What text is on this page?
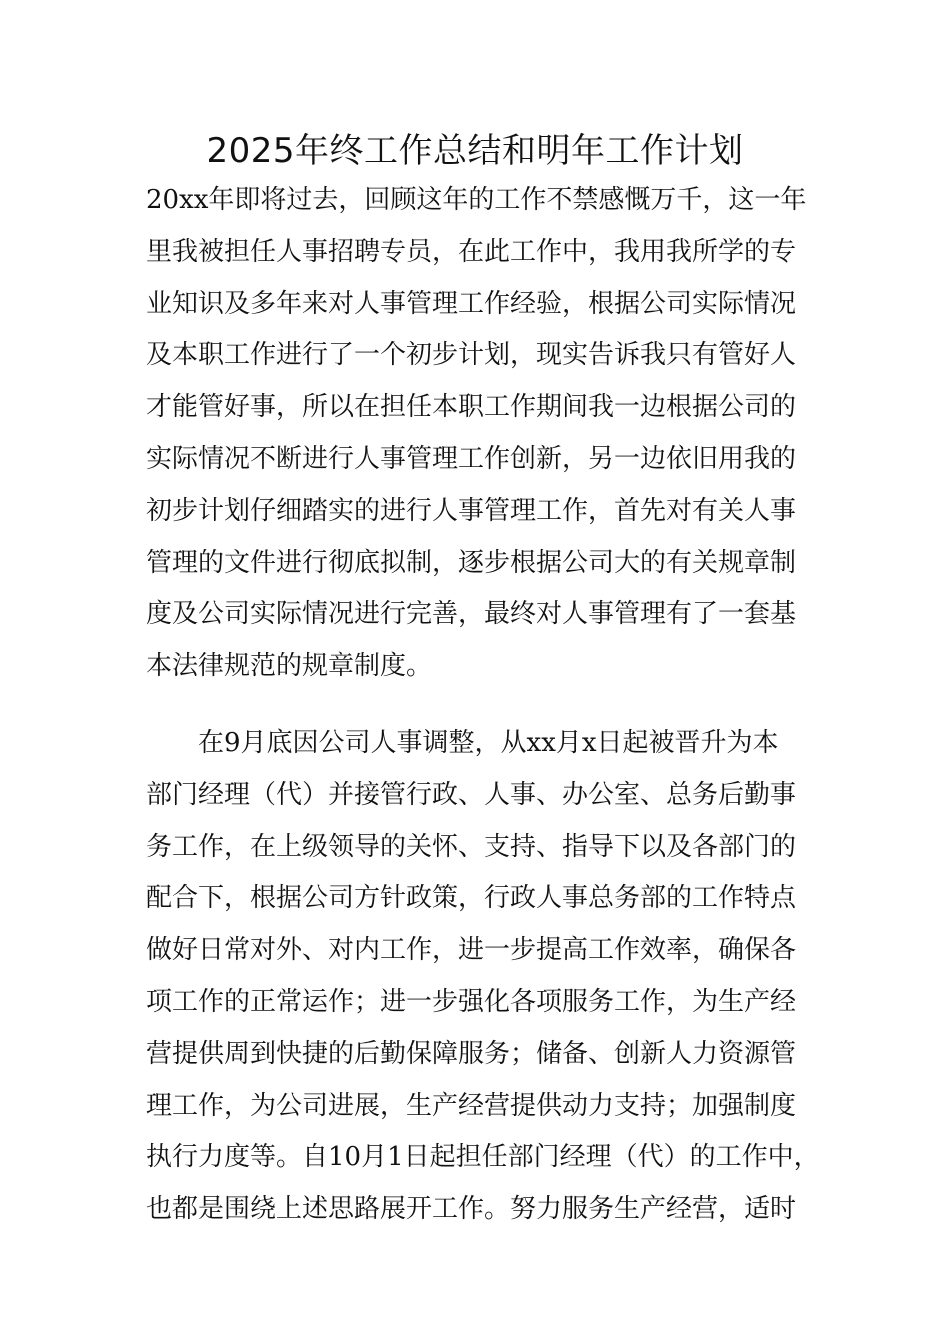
2025年终工作总结和明年工作计划

20xx年即将过去，回顾这年的工作不禁感慨万千，这一年
里我被担任人事招聘专员，在此工作中，我用我所学的专
业知识及多年来对人事管理工作经验，根据公司实际情况
及本职工作进行了一个初步计划，现实告诉我只有管好人
才能管好事，所以在担任本职工作期间我一边根据公司的
实际情况不断进行人事管理工作创新，另一边依旧用我的
初步计划仔细踏实的进行人事管理工作，首先对有关人事
管理的文件进行彻底拟制，逐步根据公司大的有关规章制
度及公司实际情况进行完善，最终对人事管理有了一套基
本法律规范的规章制度。

在9月底因公司人事调整，从xx月x日起被晋升为本
部门经理（代）并接管行政、人事、办公室、总务后勤事
务工作，在上级领导的关怀、支持、指导下以及各部门的
配合下，根据公司方针政策，行政人事总务部的工作特点
做好日常对外、对内工作，进一步提高工作效率，确保各
项工作的正常运作；进一步强化各项服务工作，为生产经
营提供周到快捷的后勤保障服务；储备、创新人力资源管
理工作，为公司进展，生产经营提供动力支持；加强制度
执行力度等。自10月1日起担任部门经理（代）的工作中，
也都是围绕上述思路展开工作。努力服务生产经营，适时
